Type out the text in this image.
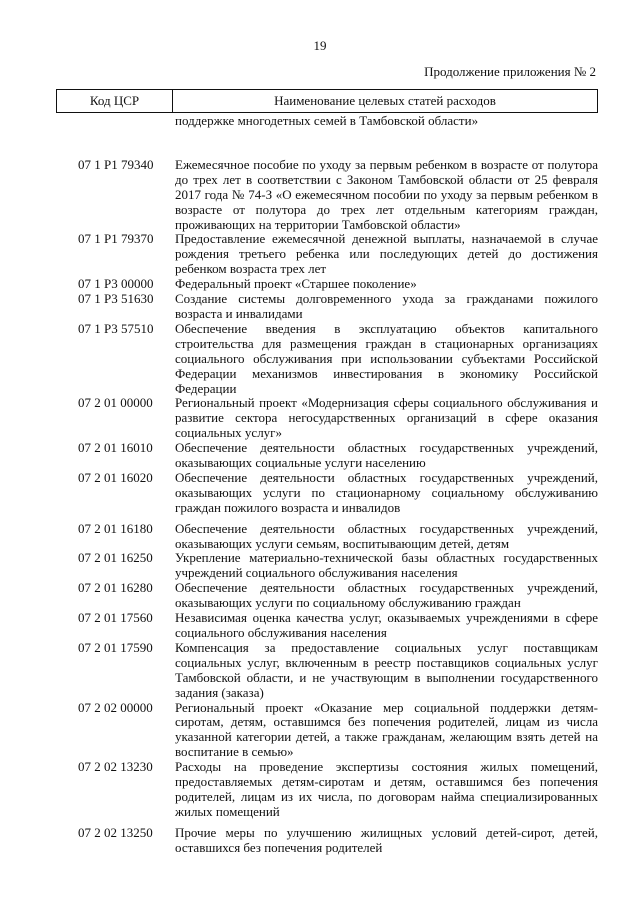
19
Продолжение приложения № 2
Код ЦСР	Наименование целевых статей расходов
поддержке многодетных семей в Тамбовской области»
07 1 P1 79340	Ежемесячное пособие по уходу за первым ребенком в возрасте от полутора до трех лет в соответствии с Законом Тамбовской области от 25 февраля 2017 года № 74-З «О ежемесячном пособии по уходу за первым ребенком в возрасте от полутора до трех лет отдельным категориям граждан, проживающих на территории Тамбовской области»
07 1 P1 79370	Предоставление ежемесячной денежной выплаты, назначаемой в случае рождения третьего ребенка или последующих детей до достижения ребенком возраста трех лет
07 1 P3 00000	Федеральный проект «Старшее поколение»
07 1 P3 51630	Создание системы долговременного ухода за гражданами пожилого возраста и инвалидами
07 1 P3 57510	Обеспечение введения в эксплуатацию объектов капитального строительства для размещения граждан в стационарных организациях социального обслуживания при использовании субъектами Российской Федерации механизмов инвестирования в экономику Российской Федерации
07 2 01 00000	Региональный проект «Модернизация сферы социального обслуживания и развитие сектора негосударственных организаций в сфере оказания социальных услуг»
07 2 01 16010	Обеспечение деятельности областных государственных учреждений, оказывающих социальные услуги населению
07 2 01 16020	Обеспечение деятельности областных государственных учреждений, оказывающих услуги по стационарному социальному обслуживанию граждан пожилого возраста и инвалидов
07 2 01 16180	Обеспечение деятельности областных государственных учреждений, оказывающих услуги семьям, воспитывающим детей, детям
07 2 01 16250	Укрепление материально-технической базы областных государственных учреждений социального обслуживания населения
07 2 01 16280	Обеспечение деятельности областных государственных учреждений, оказывающих услуги по социальному обслуживанию граждан
07 2 01 17560	Независимая оценка качества услуг, оказываемых учреждениями в сфере социального обслуживания населения
07 2 01 17590	Компенсация за предоставление социальных услуг поставщикам социальных услуг, включенным в реестр поставщиков социальных услуг Тамбовской области, и не участвующим в выполнении государственного задания (заказа)
07 2 02 00000	Региональный проект «Оказание мер социальной поддержки детям-сиротам, детям, оставшимся без попечения родителей, лицам из числа указанной категории детей, а также гражданам, желающим взять детей на воспитание в семью»
07 2 02 13230	Расходы на проведение экспертизы состояния жилых помещений, предоставляемых детям-сиротам и детям, оставшимся без попечения родителей, лицам из их числа, по договорам найма специализированных жилых помещений
07 2 02 13250	Прочие меры по улучшению жилищных условий детей-сирот, детей, оставшихся без попечения родителей
